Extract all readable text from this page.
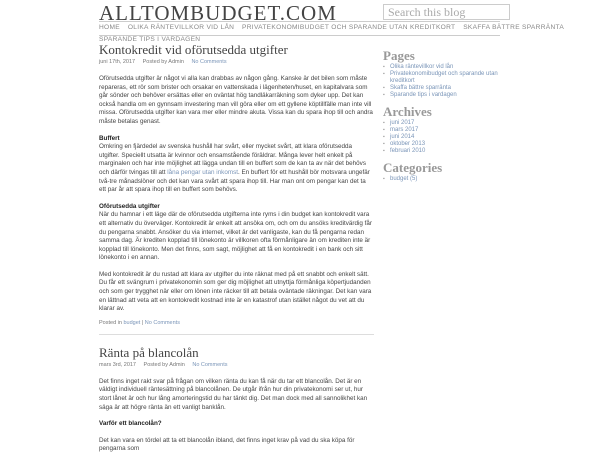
ALLTOMBUDGET.COM	Search this blog
HOME OLIKA RÄNTEVILLKOR VID LÅN PRIVATEKONOMIBUDGET OCH SPARANDE UTAN KREDITKORT SKAFFA BÄTTRE SPARRÄNTA
SPARANDE TIPS I VARDAGEN
Kontokredit vid oförutsedda utgifter
juni 17th, 2017 Posted by Admin No Comments

Oförutsedda utgifter är något vi alla kan drabbas av någon gång. Kanske är det bilen som måste repareras, ett rör som brister och orsakar en vattenskada i lägenheten/huset, en kapitalvara som går sönder och behöver ersättas eller en oväntat hög tandläkarräkning som dyker upp. Det kan också handla om en gynnsam investering man vill göra eller om ett gyllene köptillfälle man inte vill missa. Oförutsedda utgifter kan vara mer eller mindre akuta. Vissa kan du spara ihop till och andra måste betalas genast.

Buffert

Omkring en fjärdedel av svenska hushåll har svårt, eller mycket svårt, att klara oförutsedda utgifter. Speciellt utsatta är kvinnor och ensamstående föräldrar. Många lever helt enkelt på marginalen och har inte möjlighet att lägga undan till en buffert som de kan ta av när det behövs och därför tvingas till att låna pengar utan inkomst. En buffert för ett hushåll bör motsvara ungefär två-tre månadslöner och det kan vara svårt att spara ihop till. Har man ont om pengar kan det ta ett par år att spara ihop till en buffert som behövs.

Oförutsedda utgifter

När du hamnar i ett läge där de oförutsedda utgifterna inte ryms i din budget kan kontokredit vara ett alternativ du överväger. Kontokredit är enkelt att ansöka om, och om du ansöks kreditvärdig får du pengarna snabbt. Ansöker du via internet, vilket är det vanligaste, kan du få pengarna redan samma dag. Är krediten kopplad till lönekonto är villkoren ofta förmånligare än om krediten inte är kopplad till lönekonto. Men det finns, som sagt, möjlighet att få en kontokredit i en bank och sitt lönekonto i en annan.

Med kontokredit är du rustad att klara av utgifter du inte räknat med på ett snabbt och enkelt sätt. Du får ett svängrum i privatekonomin som ger dig möjlighet att utnyttja förmånliga köpertjudanden och som ger trygghet när eller om lönen inte räcker till att betala oväntade räkningar. Det kan vara en lättnad att veta att en kontokredit kostnad inte är en katastrof utan istället något du vet att du klarar av.

Posted in budget | No Comments
Ränta på blancolån
mars 3rd, 2017 Posted by Admin No Comments

Det finns inget rakt svar på frågan om vilken ränta du kan få när du tar ett blancolån. Det är en väldigt individuell räntesättning på blancolånen. De utgår ifrån hur din privatekonomi ser ut, hur stort lånet är och hur lång amorteringstid du har tänkt dig. Det man dock med all sannolikhet kan säga är att högre ränta än ett vanligt banklån.

Varför ett blancolån?

Det kan vara en tördel att ta ett blancolån ibland, det finns inget krav på vad du ska köpa för pengarna som

Pages
▪ Olika räntevillkor vid lån
▪ Privatekonomibudget och sparande utan kreditkort
▪ Skaffa bättre sparränta
▪ Sparande tips i vardagen
Archives
▪ juni 2017
▪ mars 2017
▪ juni 2014
▪ oktober 2013
▪ februari 2010
Categories
▪ budget (5)
